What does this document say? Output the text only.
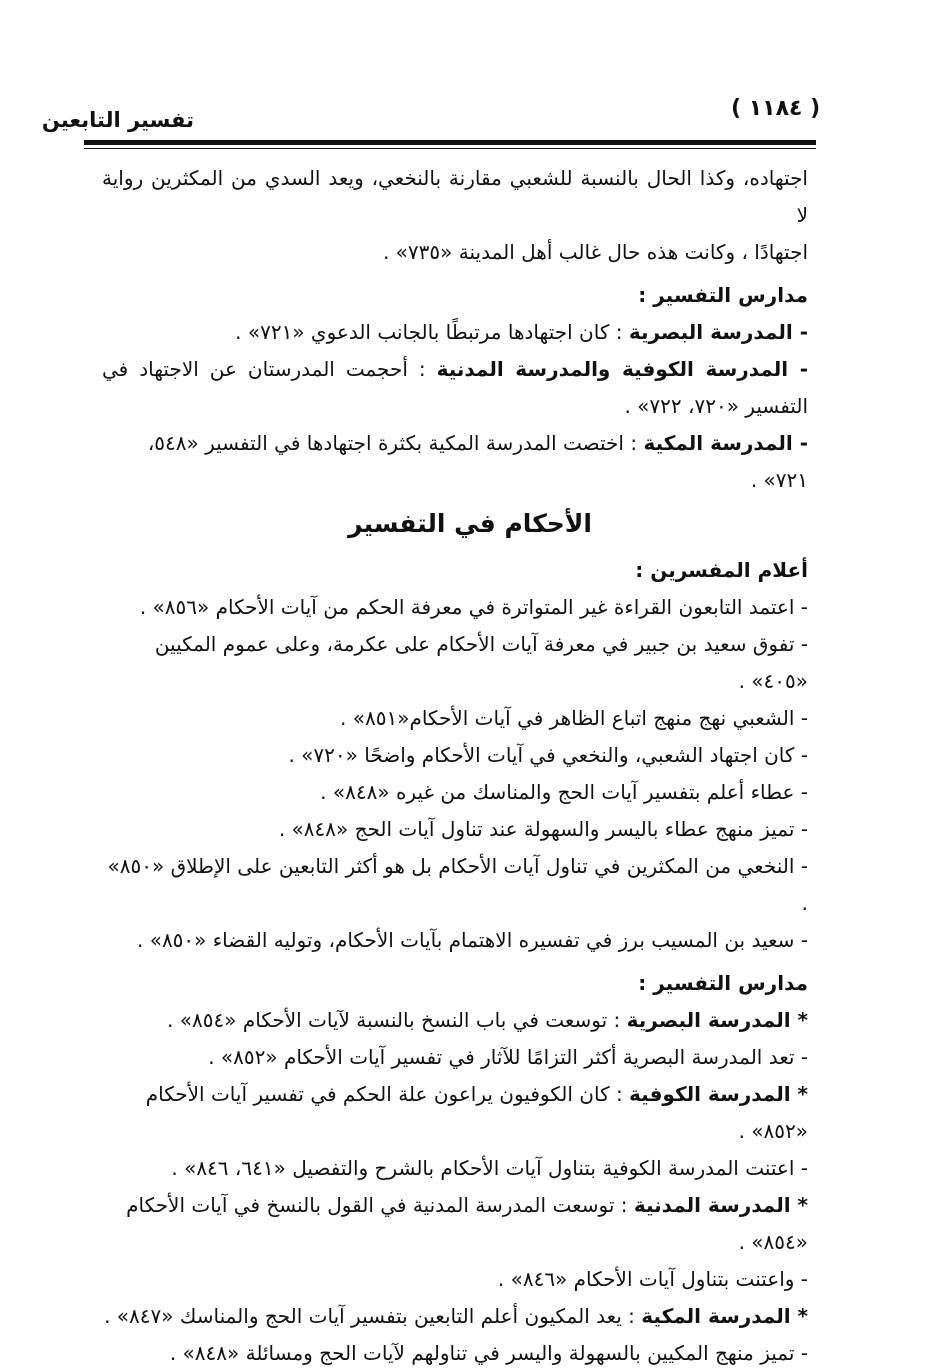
تفسير التابعين	( ١١٨٤ )

اجتهاده، وكذا الحال بالنسبة للشعبي مقارنة بالنخعي، ويعد السدي من المكثرين رواية لا

اجتهادًا ، وكانت هذه حال غالب أهل المدينة «٧٣٥» .

مدارس التفسير :

- المدرسة البصرية : كان اجتهادها مرتبطًا بالجانب الدعوي «٧٢١» .

- المدرسة الكوفية والمدرسة المدنية : أحجمت المدرستان عن الاجتهاد في التفسير «٧٢٠، ٧٢٢» .

- المدرسة المكية : اختصت المدرسة المكية بكثرة اجتهادها في التفسير «٥٤٨، ٧٢١» .

الأحكام في التفسير

أعلام المفسرين :

- اعتمد التابعون القراءة غير المتواترة في معرفة الحكم من آيات الأحكام «٨٥٦» .

- تفوق سعيد بن جبير في معرفة آيات الأحكام على عكرمة، وعلى عموم المكيين «٤٠٥» .

- الشعبي نهج منهج اتباع الظاهر في آيات الأحكام«٨٥١» .

- كان اجتهاد الشعبي، والنخعي في آيات الأحكام واضحًا «٧٢٠» .

- عطاء أعلم بتفسير آيات الحج والمناسك من غيره «٨٤٨» .

- تميز منهج عطاء باليسر والسهولة عند تناول آيات الحج «٨٤٨» .

- النخعي من المكثرين في تناول آيات الأحكام بل هو أكثر التابعين على الإطلاق «٨٥٠» .

- سعيد بن المسيب برز في تفسيره الاهتمام بآيات الأحكام، وتوليه القضاء «٨٥٠» .

مدارس التفسير :

* المدرسة البصرية : توسعت في باب النسخ بالنسبة لآيات الأحكام «٨٥٤» .

- تعد المدرسة البصرية أكثر التزامًا للآثار في تفسير آيات الأحكام «٨٥٢» .

* المدرسة الكوفية : كان الكوفيون يراعون علة الحكم في تفسير آيات الأحكام «٨٥٢» .

- اعتنت المدرسة الكوفية بتناول آيات الأحكام بالشرح والتفصيل «٦٤١، ٨٤٦» .

* المدرسة المدنية : توسعت المدرسة المدنية في القول بالنسخ في آيات الأحكام «٨٥٤» .

- واعتنت بتناول آيات الأحكام «٨٤٦» .

* المدرسة المكية : يعد المكيون أعلم التابعين بتفسير آيات الحج والمناسك «٨٤٧» .

- تميز منهج المكيين بالسهولة واليسر في تناولهم لآيات الحج ومسائلة «٨٤٨» .
